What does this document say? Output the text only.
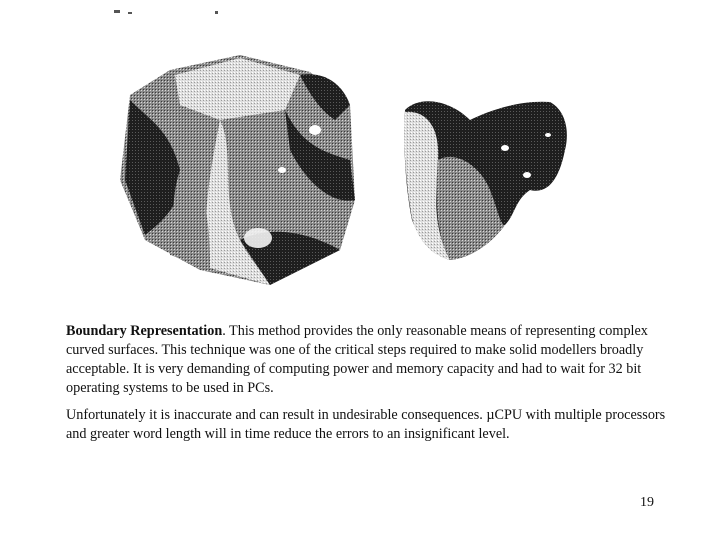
Boundary Representation. This method provides the only reasonable means of representing complex curved surfaces. This technique was one of the critical steps required to make solid modellers broadly acceptable. It is very demanding of computing power and memory capacity and had to wait for 32 bit operating systems to be used in PCs.

Unfortunately it is inaccurate and can result in undesirable consequences. µCPU with multiple processors and greater word length will in time reduce the errors to an insignificant level.

19
